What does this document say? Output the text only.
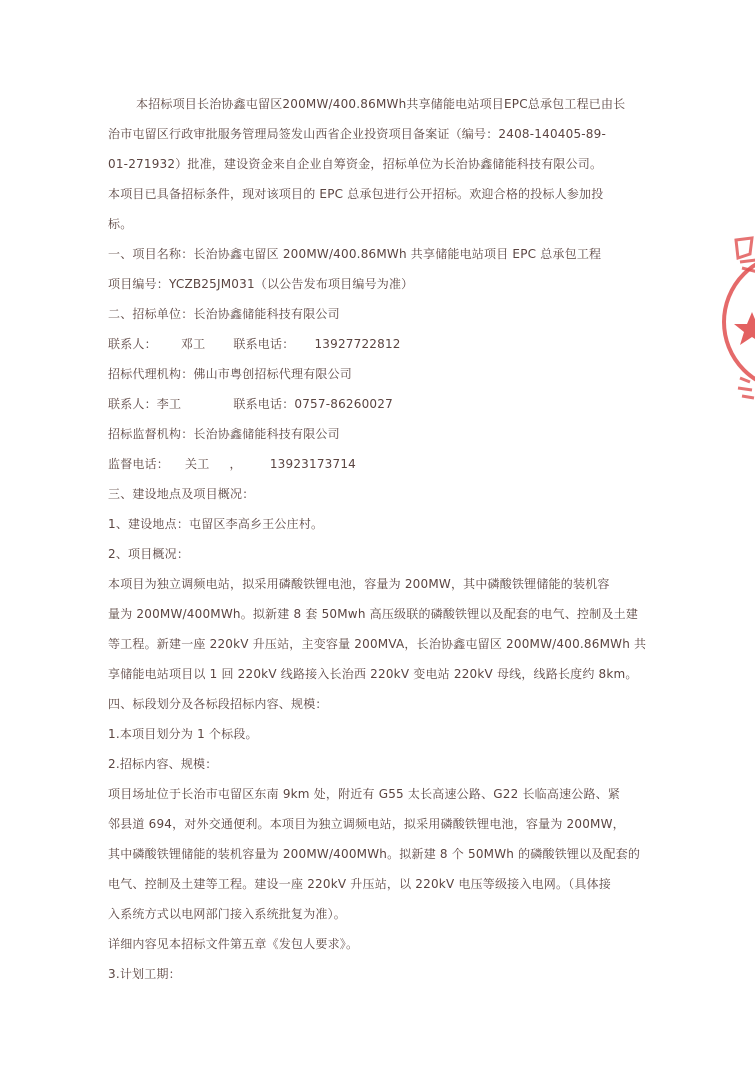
本招标项目长治协鑫屯留区200MW/400.86MWh共享储能电站项目EPC总承包工程已由长
治市屯留区行政审批服务管理局签发山西省企业投资项目备案证（编号：2408-140405-89-
01-271932）批准，建设资金来自企业自筹资金，招标单位为长治协鑫储能科技有限公司。
本项目已具备招标条件，现对该项目的 EPC 总承包进行公开招标。欢迎合格的投标人参加投
标。
一、项目名称：长治协鑫屯留区 200MW/400.86MWh 共享储能电站项目 EPC 总承包工程
项目编号：YCZB25JM031（以公告发布项目编号为准）
二、招标单位：长治协鑫储能科技有限公司
联系人：      邓工       联系电话：     13927722812
招标代理机构：佛山市粤创招标代理有限公司
联系人：李工             联系电话：0757-86260027
招标监督机构：长治协鑫储能科技有限公司
监督电话：    关工     ，       13923173714
三、建设地点及项目概况：
1、建设地点：屯留区李高乡王公庄村。
2、项目概况：
本项目为独立调频电站，拟采用磷酸铁锂电池，容量为 200MW，其中磷酸铁锂储能的装机容
量为 200MW/400MWh。拟新建 8 套 50Mwh 高压级联的磷酸铁锂以及配套的电气、控制及土建
等工程。新建一座 220kV 升压站，主变容量 200MVA，长治协鑫屯留区 200MW/400.86MWh 共
享储能电站项目以 1 回 220kV 线路接入长治西 220kV 变电站 220kV 母线，线路长度约 8km。
四、标段划分及各标段招标内容、规模：
1.本项目划分为 1 个标段。
2.招标内容、规模：
项目场址位于长治市屯留区东南 9km 处，附近有 G55 太长高速公路、G22 长临高速公路、紧
邻县道 694，对外交通便利。本项目为独立调频电站，拟采用磷酸铁锂电池，容量为 200MW，
其中磷酸铁锂储能的装机容量为 200MW/400MWh。拟新建 8 个 50MWh 的磷酸铁锂以及配套的
电气、控制及土建等工程。建设一座 220kV 升压站，以 220kV 电压等级接入电网。（具体接
入系统方式以电网部门接入系统批复为准）。
详细内容见本招标文件第五章《发包人要求》。
3.计划工期：
